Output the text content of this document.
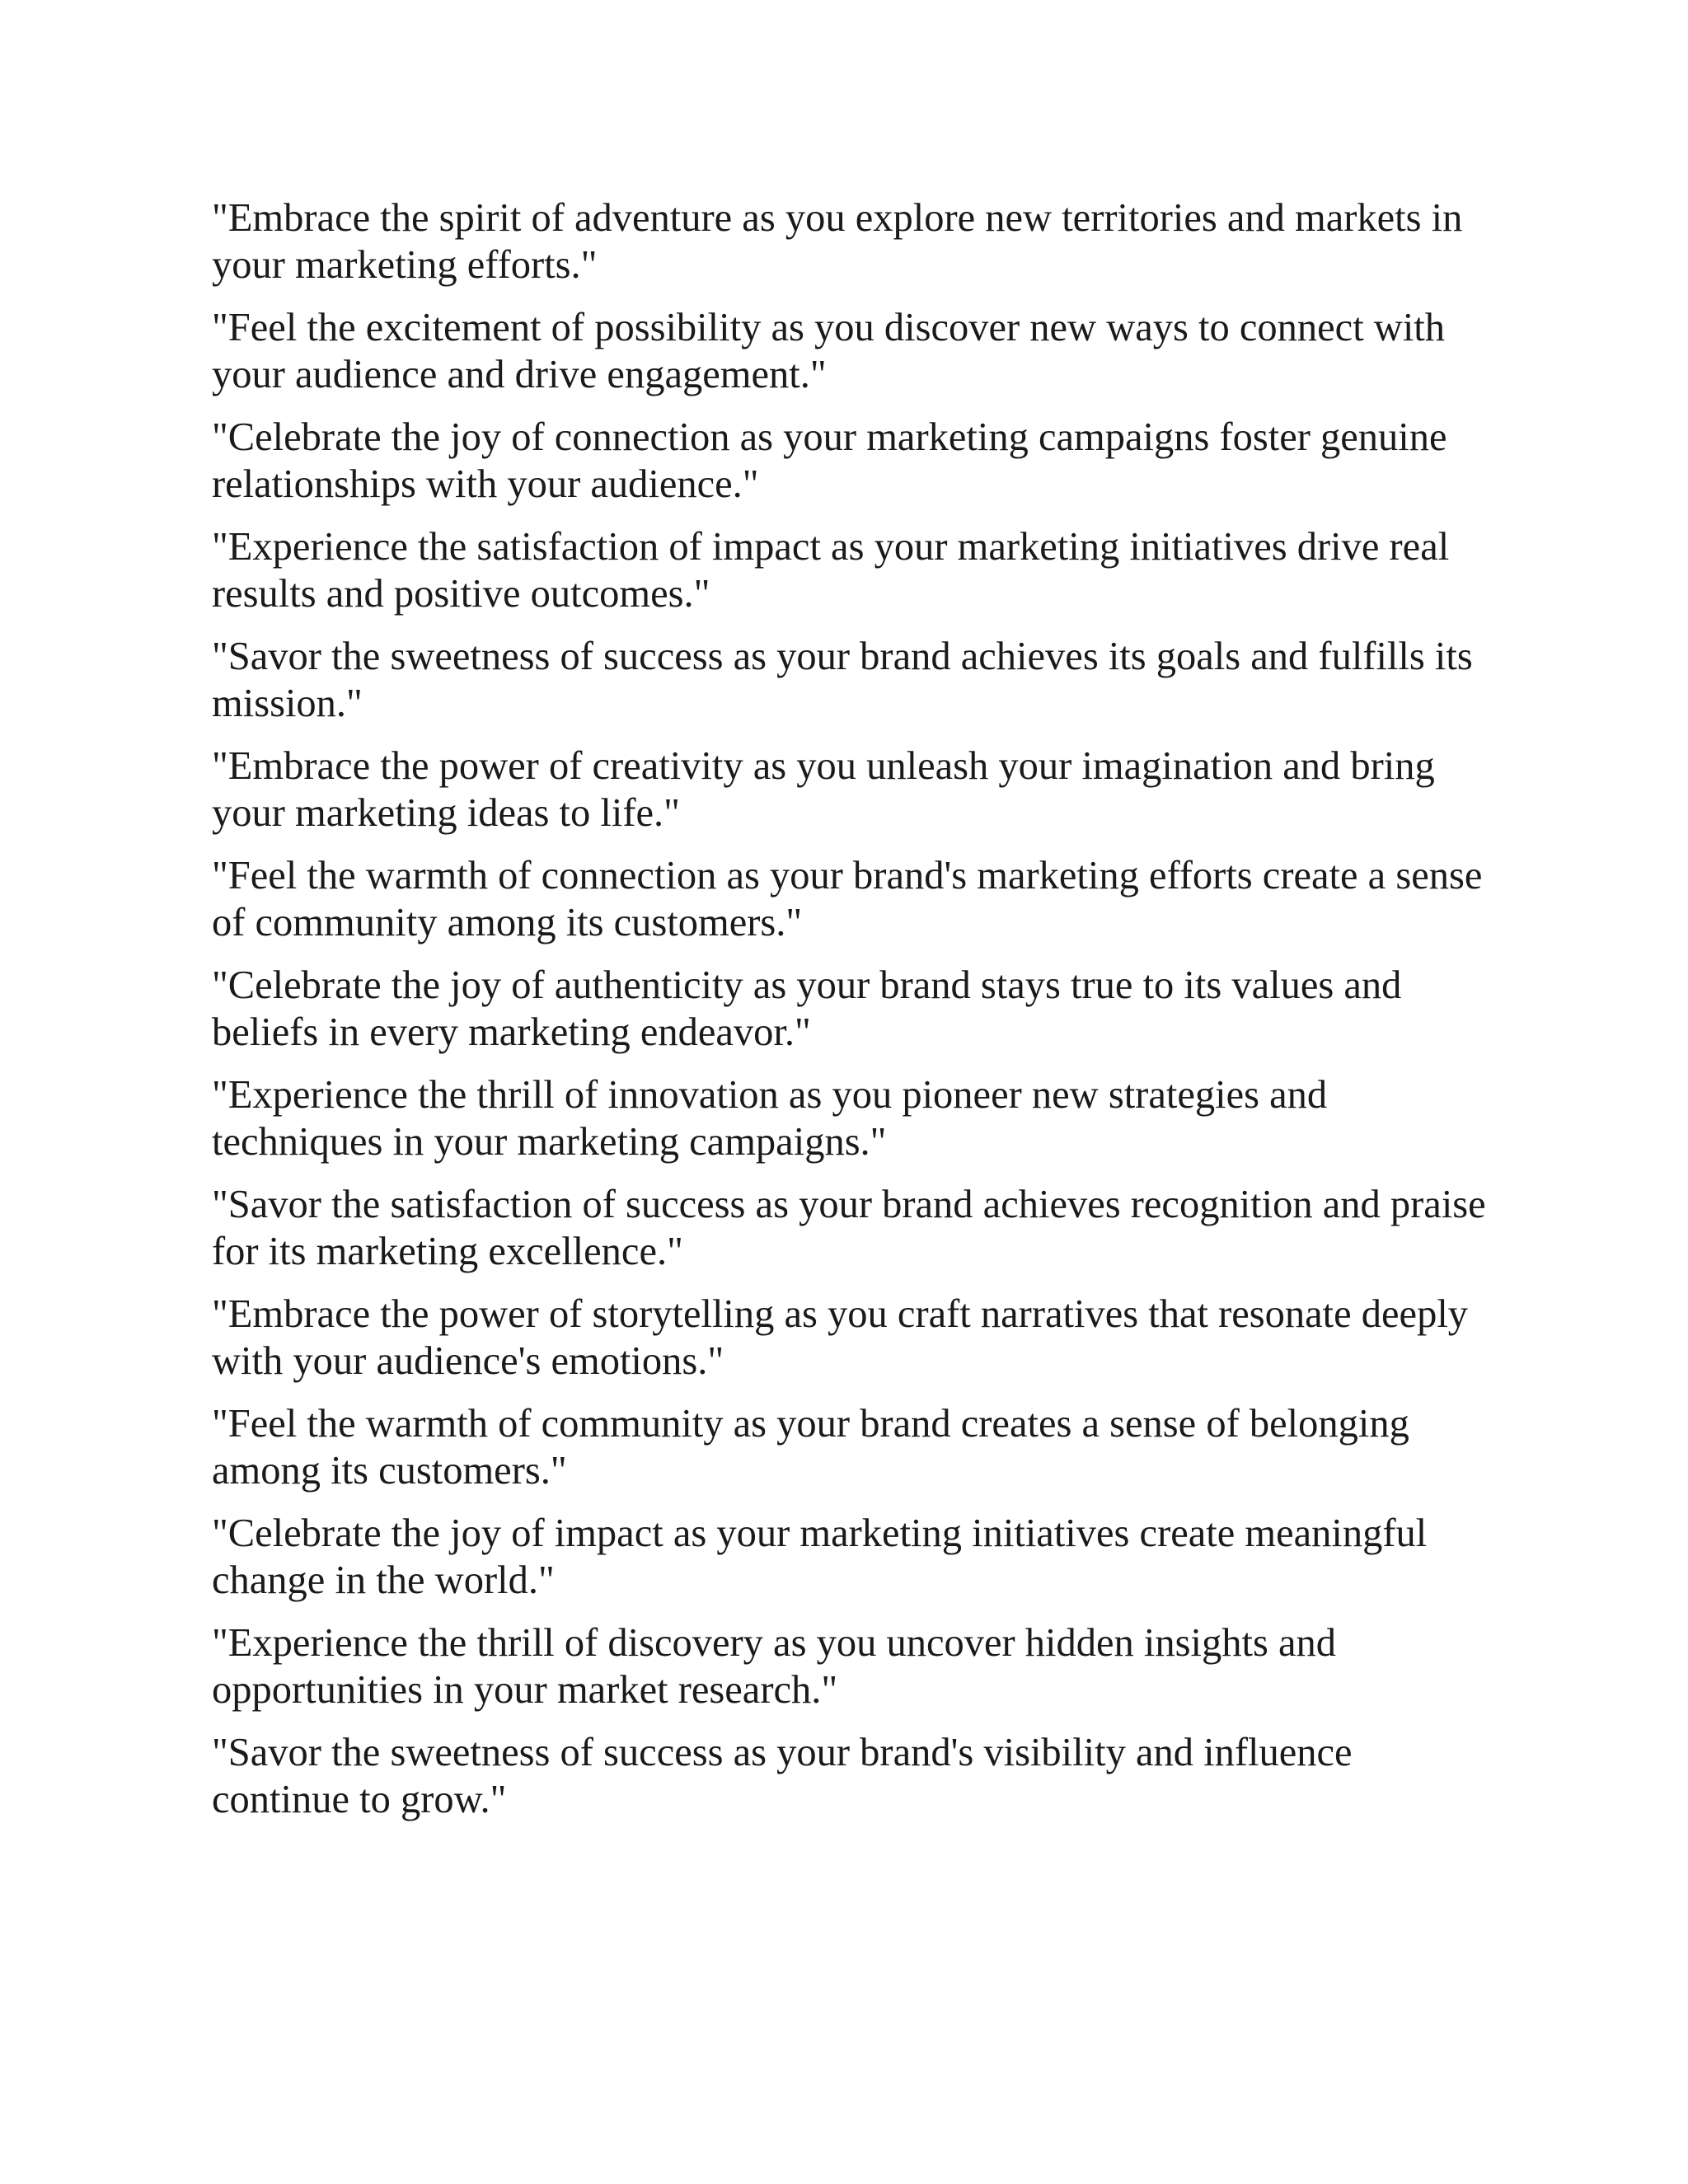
"Embrace the spirit of adventure as you explore new territories and markets in your marketing efforts."

"Feel the excitement of possibility as you discover new ways to connect with your audience and drive engagement."

"Celebrate the joy of connection as your marketing campaigns foster genuine relationships with your audience."

"Experience the satisfaction of impact as your marketing initiatives drive real results and positive outcomes."

"Savor the sweetness of success as your brand achieves its goals and fulfills its mission."

"Embrace the power of creativity as you unleash your imagination and bring your marketing ideas to life."

"Feel the warmth of connection as your brand's marketing efforts create a sense of community among its customers."

"Celebrate the joy of authenticity as your brand stays true to its values and beliefs in every marketing endeavor."

"Experience the thrill of innovation as you pioneer new strategies and techniques in your marketing campaigns."

"Savor the satisfaction of success as your brand achieves recognition and praise for its marketing excellence."

"Embrace the power of storytelling as you craft narratives that resonate deeply with your audience's emotions."

"Feel the warmth of community as your brand creates a sense of belonging among its customers."

"Celebrate the joy of impact as your marketing initiatives create meaningful change in the world."

"Experience the thrill of discovery as you uncover hidden insights and opportunities in your market research."

"Savor the sweetness of success as your brand's visibility and influence continue to grow."
